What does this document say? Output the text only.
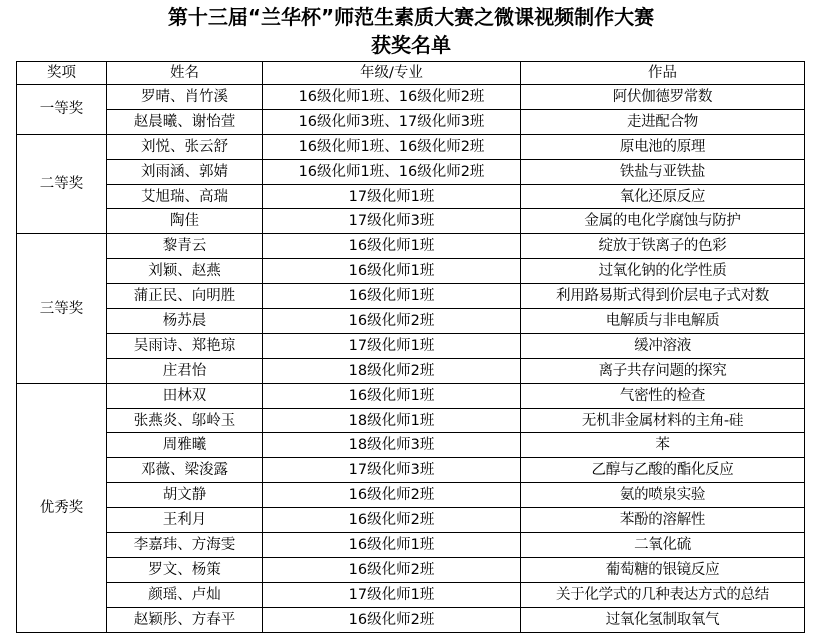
第十三届“兰华杯”师范生素质大赛之微课视频制作大赛
获奖名单
奖项	姓名	年级/专业	作品
一等奖	罗晴、肖竹溪	16级化师1班、16级化师2班	阿伏伽德罗常数
	赵晨曦、谢怡萱	16级化师3班、17级化师3班	走进配合物
二等奖	刘悦、张云舒	16级化师1班、16级化师2班	原电池的原理
	刘雨涵、郭婧	16级化师1班、16级化师2班	铁盐与亚铁盐
	艾旭瑞、高瑞	17级化师1班	氧化还原反应
	陶佳	17级化师3班	金属的电化学腐蚀与防护
三等奖	黎青云	16级化师1班	绽放于铁离子的色彩
	刘颖、赵燕	16级化师1班	过氧化钠的化学性质
	蒲正民、向明胜	16级化师1班	利用路易斯式得到价层电子式对数
	杨苏晨	16级化师2班	电解质与非电解质
	吴雨诗、郑艳琼	17级化师1班	缓冲溶液
	庄君怡	18级化师2班	离子共存问题的探究
优秀奖	田林双	16级化师1班	气密性的检查
	张燕炎、邬岭玉	18级化师1班	无机非金属材料的主角-硅
	周雅曦	18级化师3班	苯
	邓薇、梁浚露	17级化师3班	乙醇与乙酸的酯化反应
	胡文静	16级化师2班	氨的喷泉实验
	王利月	16级化师2班	苯酚的溶解性
	李嘉玮、方海雯	16级化师1班	二氧化硫
	罗文、杨策	16级化师2班	葡萄糖的银镜反应
	颜瑶、卢灿	17级化师1班	关于化学式的几种表达方式的总结
	赵颖彤、方春平	16级化师2班	过氧化氢制取氧气
